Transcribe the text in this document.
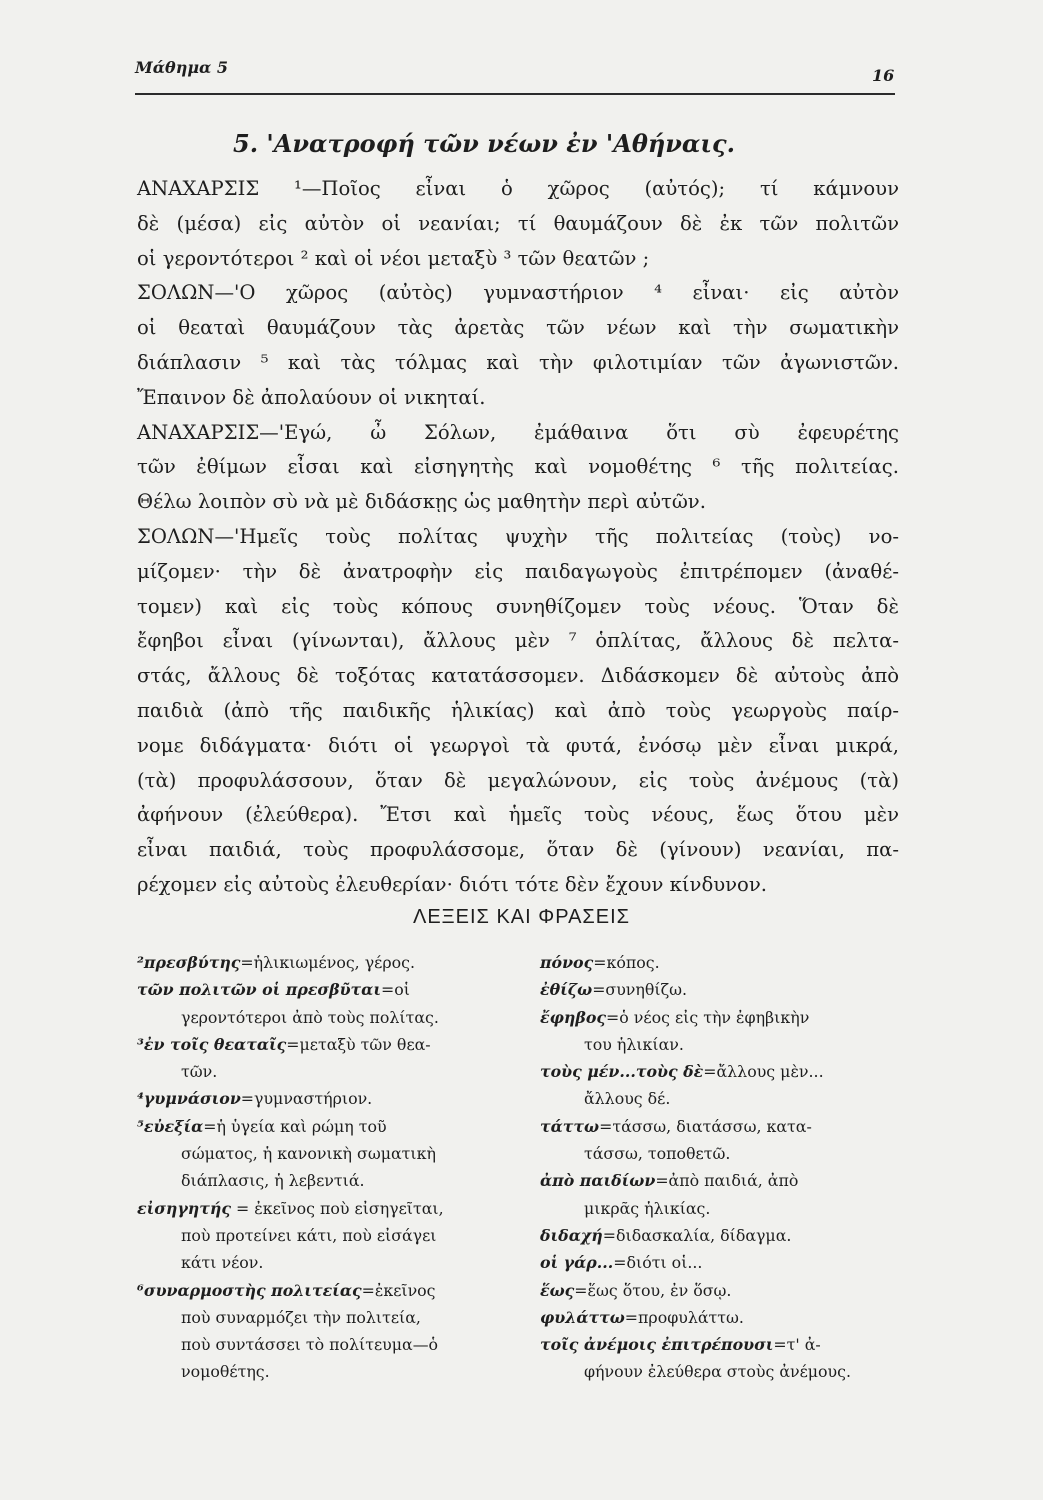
Μάθημα 5	16
5. 'Ανατροφή τῶν νέων ἐν 'Αθήναις.
ΑΝΑΧΑΡΣΙΣ ¹—Ποῖος εἶναι ὁ χῶρος (αὐτός); τί κάμνουν
δὲ (μέσα) εἰς αὐτὸν οἱ νεανίαι; τί θαυμάζουν δὲ ἐκ τῶν πολιτῶν
οἱ γεροντότεροι ² καὶ οἱ νέοι μεταξὺ ³ τῶν θεατῶν ;
ΣΟΛΩΝ—'Ο χῶρος (αὐτὸς) γυμναστήριον ⁴ εἶναι· εἰς αὐτὸν
οἱ θεαταὶ θαυμάζουν τὰς ἀρετὰς τῶν νέων καὶ τὴν σωματικὴν
διάπλασιν ⁵ καὶ τὰς τόλμας καὶ τὴν φιλοτιμίαν τῶν ἀγωνιστῶν.
Ἔπαινον δὲ ἀπολαύουν οἱ νικηταί.
ΑΝΑΧΑΡΣΙΣ—'Εγώ, ὦ Σόλων, ἐμάθαινα ὅτι σὺ ἐφευρέτης
τῶν ἐθίμων εἶσαι καὶ εἰσηγητὴς καὶ νομοθέτης ⁶ τῆς πολιτείας.
Θέλω λοιπὸν σὺ νὰ μὲ διδάσκῃς ὡς μαθητὴν περὶ αὐτῶν.
ΣΟΛΩΝ—'Ημεῖς τοὺς πολίτας ψυχὴν τῆς πολιτείας (τοὺς) νο-
μίζομεν· τὴν δὲ ἀνατροφὴν εἰς παιδαγωγοὺς ἐπιτρέπομεν (ἀναθέ-
τομεν) καὶ εἰς τοὺς κόπους συνηθίζομεν τοὺς νέους. Ὅταν δὲ
ἔφηβοι εἶναι (γίνωνται), ἄλλους μὲν ⁷ ὁπλίτας, ἄλλους δὲ πελτα-
στάς, ἄλλους δὲ τοξότας κατατάσσομεν. Διδάσκομεν δὲ αὐτοὺς ἀπὸ
παιδιὰ (ἀπὸ τῆς παιδικῆς ἡλικίας) καὶ ἀπὸ τοὺς γεωργοὺς παίρ-
νομε διδάγματα· διότι οἱ γεωργοὶ τὰ φυτά, ἐνόσῳ μὲν εἶναι μικρά,
(τὰ) προφυλάσσουν, ὅταν δὲ μεγαλώνουν, εἰς τοὺς ἀνέμους (τὰ)
ἀφήνουν (ἐλεύθερα). Ἔτσι καὶ ἡμεῖς τοὺς νέους, ἕως ὅτου μὲν
εἶναι παιδιά, τοὺς προφυλάσσομε, ὅταν δὲ (γίνουν) νεανίαι, πα-
ρέχομεν εἰς αὐτοὺς ἐλευθερίαν· διότι τότε δὲν ἔχουν κίνδυνον.
ΛΕΞΕΙΣ ΚΑΙ ΦΡΑΣΕΙΣ
²πρεσβύτης=ἡλικιωμένος, γέρος.
τῶν πολιτῶν οἱ πρεσβῦται=οἱ
γεροντότεροι ἀπὸ τοὺς πολίτας.
³ἐν τοῖς θεαταῖς=μεταξὺ τῶν θεα-
τῶν.
⁴γυμνάσιον=γυμναστήριον.
⁵εὐεξία=ἡ ὑγεία καὶ ρώμη τοῦ
σώματος, ἡ κανονικὴ σωματικὴ
διάπλασις, ἡ λεβεντιά.
εἰσηγητής = ἐκεῖνος ποὺ εἰσηγεῖται,
ποὺ προτείνει κάτι, ποὺ εἰσάγει
κάτι νέον.
⁶συναρμοστὴς πολιτείας=ἐκεῖνος
ποὺ συναρμόζει τὴν πολιτεία,
ποὺ συντάσσει τὸ πολίτευμα—ὁ
νομοθέτης.
πόνος=κόπος.
ἐθίζω=συνηθίζω.
ἔφηβος=ὁ νέος εἰς τὴν ἐφηβικὴν
του ἡλικίαν.
τοὺς μέν...τοὺς δὲ=ἄλλους μὲν...
ἄλλους δέ.
τάττω=τάσσω, διατάσσω, κατα-
τάσσω, τοποθετῶ.
ἀπὸ παιδίων=ἀπὸ παιδιά, ἀπὸ
μικρᾶς ἡλικίας.
διδαχή=διδασκαλία, δίδαγμα.
οἱ γάρ...=διότι οἱ...
ἕως=ἕως ὅτου, ἐν ὅσῳ.
φυλάττω=προφυλάττω.
τοῖς ἀνέμοις ἐπιτρέπουσι=τ' ἀ-
φήνουν ἐλεύθερα στοὺς ἀνέμους.
